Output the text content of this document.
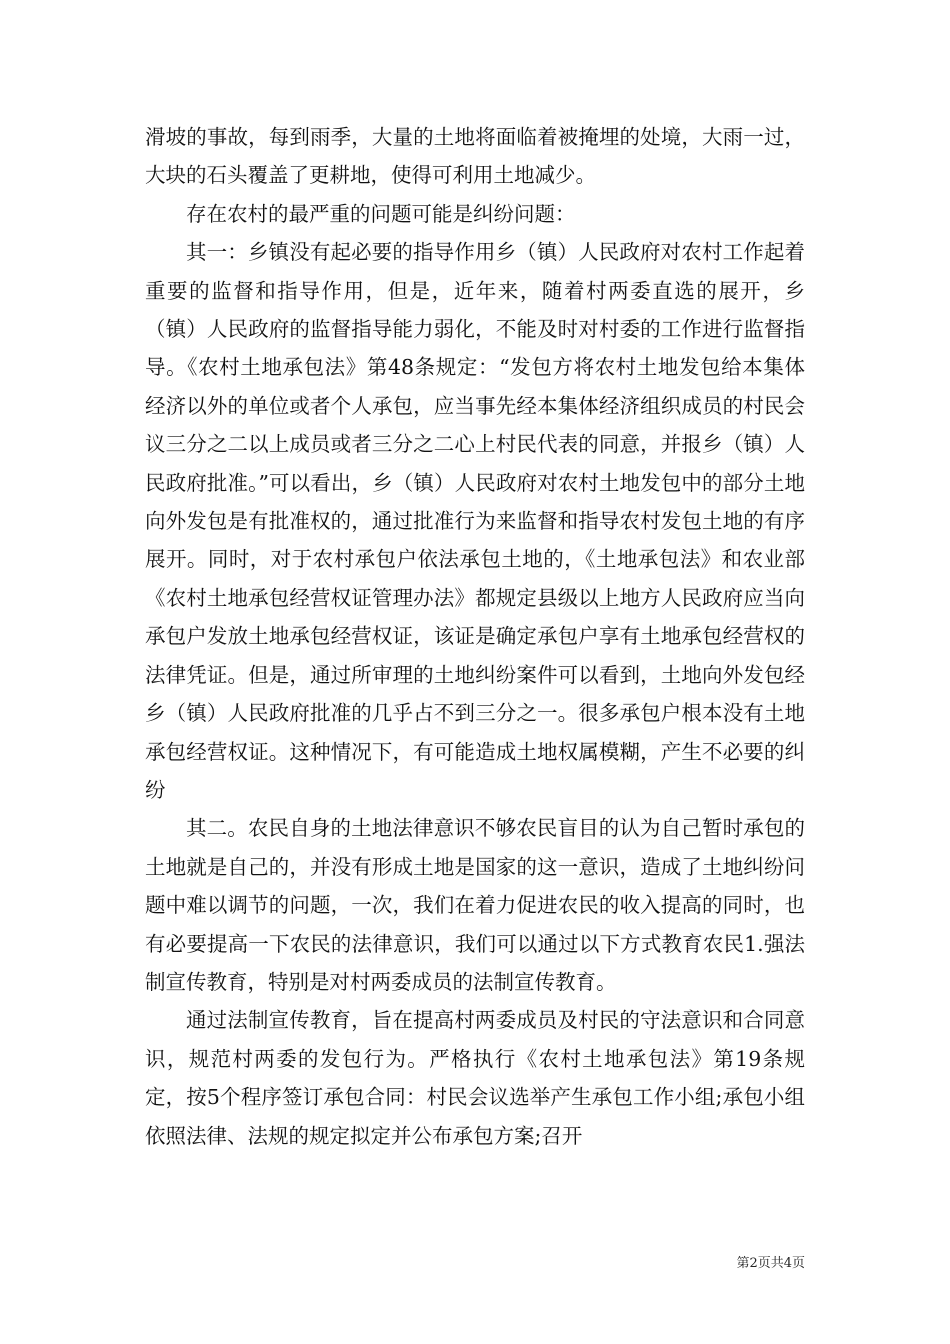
滑坡的事故，每到雨季，大量的土地将面临着被掩埋的处境，大雨一过，大块的石头覆盖了更耕地，使得可利用土地减少。

存在农村的最严重的问题可能是纠纷问题：

其一：乡镇没有起必要的指导作用乡（镇）人民政府对农村工作起着重要的监督和指导作用，但是，近年来，随着村两委直选的展开，乡（镇）人民政府的监督指导能力弱化，不能及时对村委的工作进行监督指导。《农村土地承包法》第48条规定：“发包方将农村土地发包给本集体经济以外的单位或者个人承包，应当事先经本集体经济组织成员的村民会议三分之二以上成员或者三分之二心上村民代表的同意，并报乡（镇）人民政府批准。”可以看出，乡（镇）人民政府对农村土地发包中的部分土地向外发包是有批准权的，通过批准行为来监督和指导农村发包土地的有序展开。同时，对于农村承包户依法承包土地的，《土地承包法》和农业部《农村土地承包经营权证管理办法》都规定县级以上地方人民政府应当向承包户发放土地承包经营权证，该证是确定承包户享有土地承包经营权的法律凭证。但是，通过所审理的土地纠纷案件可以看到，土地向外发包经乡（镇）人民政府批准的几乎占不到三分之一。很多承包户根本没有土地承包经营权证。这种情况下，有可能造成土地权属模糊，产生不必要的纠纷

其二。农民自身的土地法律意识不够农民盲目的认为自己暂时承包的土地就是自己的，并没有形成土地是国家的这一意识，造成了土地纠纷问题中难以调节的问题，一次，我们在着力促进农民的收入提高的同时，也有必要提高一下农民的法律意识，我们可以通过以下方式教育农民1.强法制宣传教育，特别是对村两委成员的法制宣传教育。

通过法制宣传教育，旨在提高村两委成员及村民的守法意识和合同意识，规范村两委的发包行为。严格执行《农村土地承包法》第19条规定，按5个程序签订承包合同：村民会议选举产生承包工作小组;承包小组依照法律、法规的规定拟定并公布承包方案;召开

第2页共4页
